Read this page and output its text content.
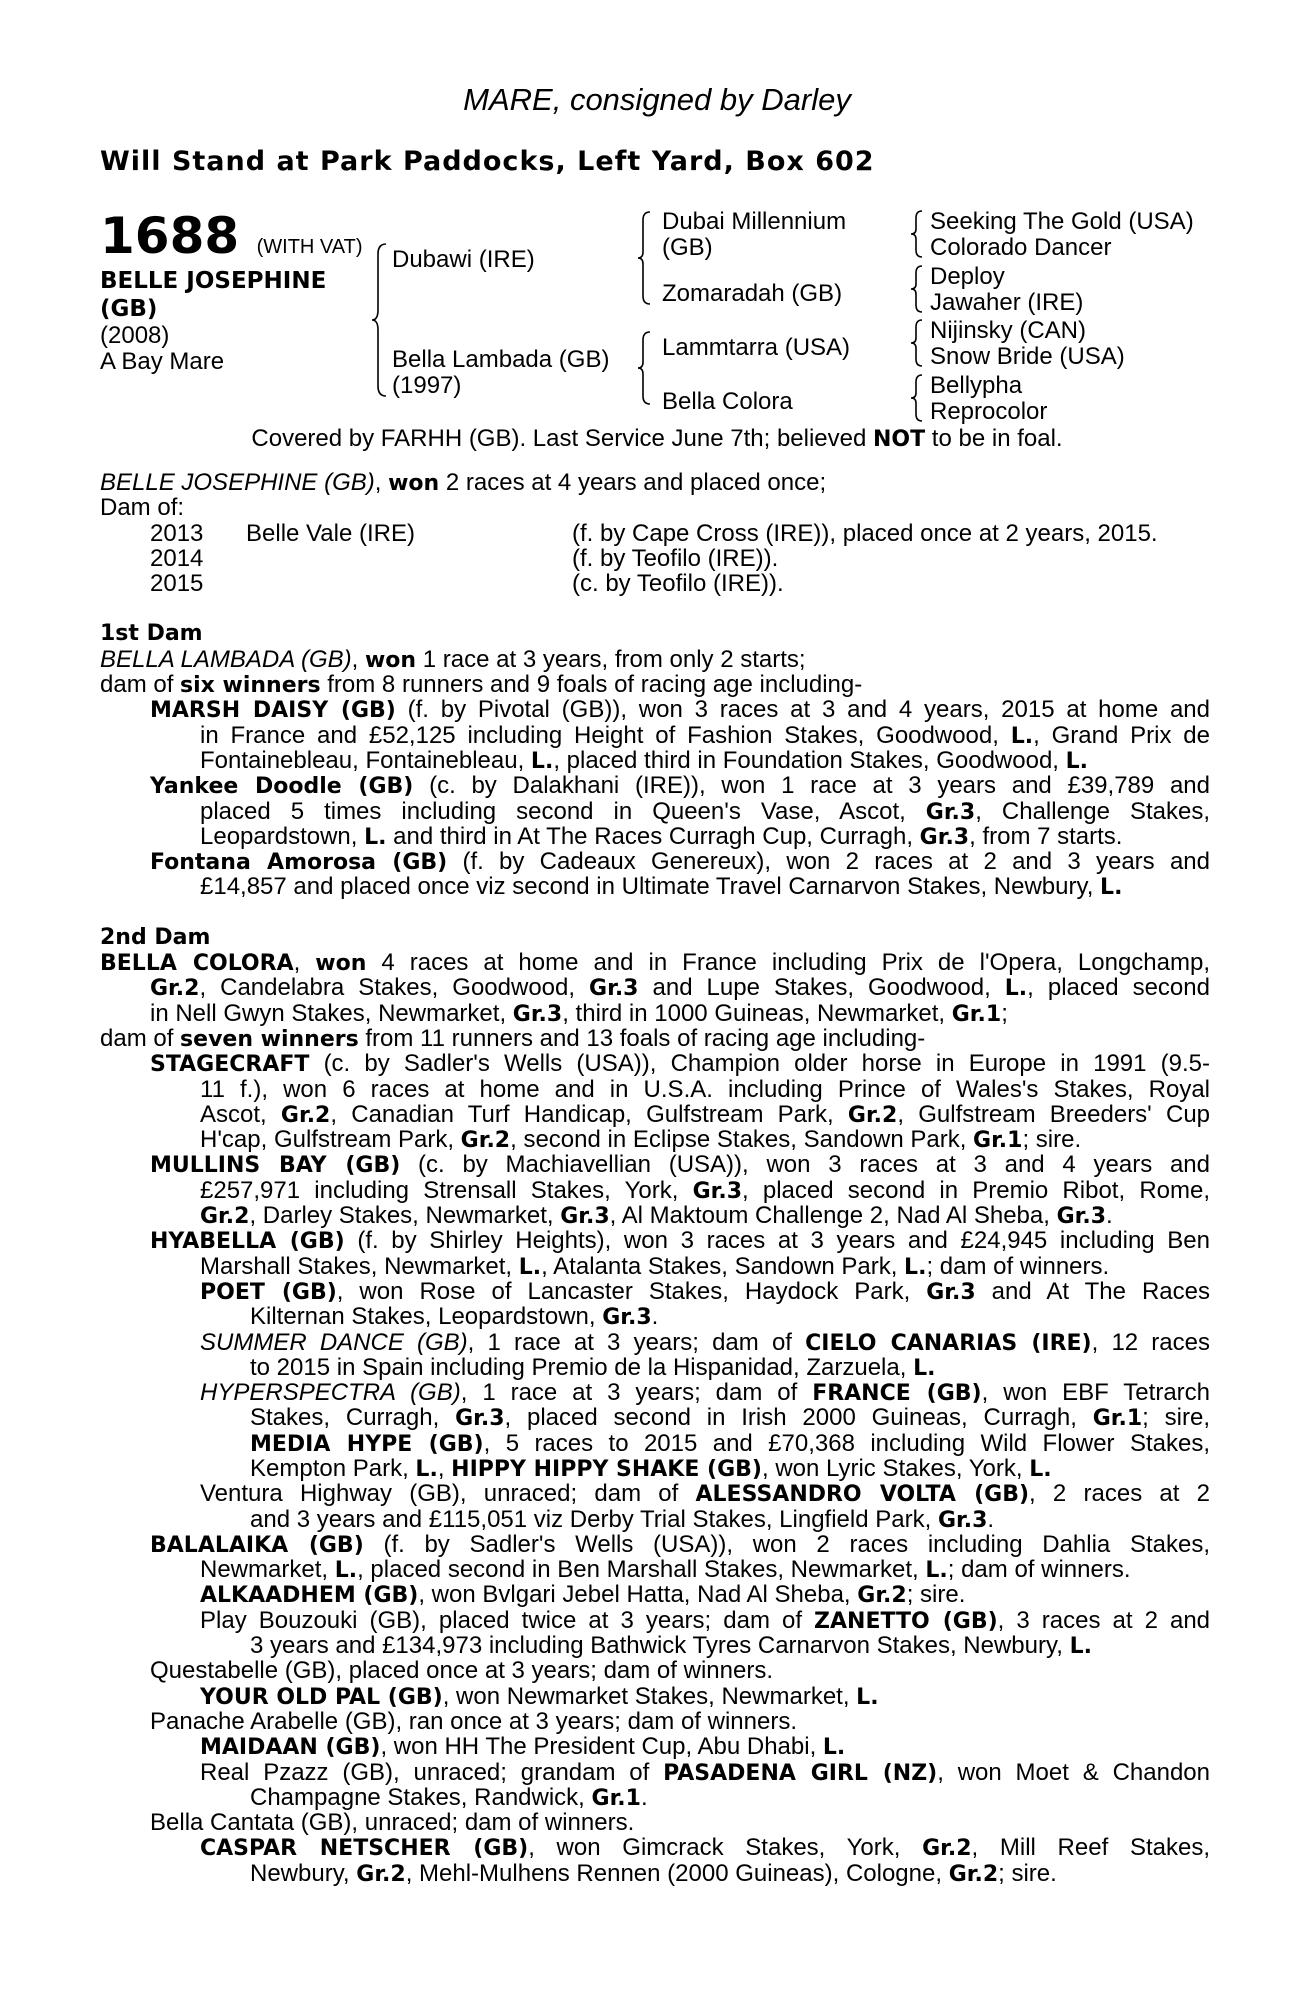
MARE, consigned by Darley
Will Stand at Park Paddocks, Left Yard, Box 602
1688 (WITH VAT)
BELLE JOSEPHINE
(GB)
(2008)
A Bay Mare
Dubawi (IRE)
Bella Lambada (GB)
(1997)
Dubai Millennium
(GB)
Zomaradah (GB)
Lammtarra (USA)
Bella Colora
Seeking The Gold (USA)
Colorado Dancer
Deploy
Jawaher (IRE)
Nijinsky (CAN)
Snow Bride (USA)
Bellypha
Reprocolor
Covered by FARHH (GB). Last Service June 7th; believed NOT to be in foal.
BELLE JOSEPHINE (GB), won 2 races at 4 years and placed once;
Dam of:
2013 Belle Vale (IRE)	(f. by Cape Cross (IRE)), placed once at 2 years, 2015.
2014	(f. by Teofilo (IRE)).
2015	(c. by Teofilo (IRE)).
1st Dam
BELLA LAMBADA (GB), won 1 race at 3 years, from only 2 starts;
dam of six winners from 8 runners and 9 foals of racing age including-
MARSH DAISY (GB) (f. by Pivotal (GB)), won 3 races at 3 and 4 years, 2015 at home and
in France and £52,125 including Height of Fashion Stakes, Goodwood, L., Grand Prix de
Fontainebleau, Fontainebleau, L., placed third in Foundation Stakes, Goodwood, L.
Yankee Doodle (GB) (c. by Dalakhani (IRE)), won 1 race at 3 years and £39,789 and
placed 5 times including second in Queen's Vase, Ascot, Gr.3, Challenge Stakes,
Leopardstown, L. and third in At The Races Curragh Cup, Curragh, Gr.3, from 7 starts.
Fontana Amorosa (GB) (f. by Cadeaux Genereux), won 2 races at 2 and 3 years and
£14,857 and placed once viz second in Ultimate Travel Carnarvon Stakes, Newbury, L.
2nd Dam
BELLA COLORA, won 4 races at home and in France including Prix de l'Opera, Longchamp,
Gr.2, Candelabra Stakes, Goodwood, Gr.3 and Lupe Stakes, Goodwood, L., placed second
in Nell Gwyn Stakes, Newmarket, Gr.3, third in 1000 Guineas, Newmarket, Gr.1;
dam of seven winners from 11 runners and 13 foals of racing age including-
STAGECRAFT (c. by Sadler's Wells (USA)), Champion older horse in Europe in 1991 (9.5-
11 f.), won 6 races at home and in U.S.A. including Prince of Wales's Stakes, Royal
Ascot, Gr.2, Canadian Turf Handicap, Gulfstream Park, Gr.2, Gulfstream Breeders' Cup
H'cap, Gulfstream Park, Gr.2, second in Eclipse Stakes, Sandown Park, Gr.1; sire.
MULLINS BAY (GB) (c. by Machiavellian (USA)), won 3 races at 3 and 4 years and
£257,971 including Strensall Stakes, York, Gr.3, placed second in Premio Ribot, Rome,
Gr.2, Darley Stakes, Newmarket, Gr.3, Al Maktoum Challenge 2, Nad Al Sheba, Gr.3.
HYABELLA (GB) (f. by Shirley Heights), won 3 races at 3 years and £24,945 including Ben
Marshall Stakes, Newmarket, L., Atalanta Stakes, Sandown Park, L.; dam of winners.
POET (GB), won Rose of Lancaster Stakes, Haydock Park, Gr.3 and At The Races
Kilternan Stakes, Leopardstown, Gr.3.
SUMMER DANCE (GB), 1 race at 3 years; dam of CIELO CANARIAS (IRE), 12 races
to 2015 in Spain including Premio de la Hispanidad, Zarzuela, L.
HYPERSPECTRA (GB), 1 race at 3 years; dam of FRANCE (GB), won EBF Tetrarch
Stakes, Curragh, Gr.3, placed second in Irish 2000 Guineas, Curragh, Gr.1; sire,
MEDIA HYPE (GB), 5 races to 2015 and £70,368 including Wild Flower Stakes,
Kempton Park, L., HIPPY HIPPY SHAKE (GB), won Lyric Stakes, York, L.
Ventura Highway (GB), unraced; dam of ALESSANDRO VOLTA (GB), 2 races at 2
and 3 years and £115,051 viz Derby Trial Stakes, Lingfield Park, Gr.3.
BALALAIKA (GB) (f. by Sadler's Wells (USA)), won 2 races including Dahlia Stakes,
Newmarket, L., placed second in Ben Marshall Stakes, Newmarket, L.; dam of winners.
ALKAADHEM (GB), won Bvlgari Jebel Hatta, Nad Al Sheba, Gr.2; sire.
Play Bouzouki (GB), placed twice at 3 years; dam of ZANETTO (GB), 3 races at 2 and
3 years and £134,973 including Bathwick Tyres Carnarvon Stakes, Newbury, L.
Questabelle (GB), placed once at 3 years; dam of winners.
YOUR OLD PAL (GB), won Newmarket Stakes, Newmarket, L.
Panache Arabelle (GB), ran once at 3 years; dam of winners.
MAIDAAN (GB), won HH The President Cup, Abu Dhabi, L.
Real Pzazz (GB), unraced; grandam of PASADENA GIRL (NZ), won Moet & Chandon
Champagne Stakes, Randwick, Gr.1.
Bella Cantata (GB), unraced; dam of winners.
CASPAR NETSCHER (GB), won Gimcrack Stakes, York, Gr.2, Mill Reef Stakes,
Newbury, Gr.2, Mehl-Mulhens Rennen (2000 Guineas), Cologne, Gr.2; sire.
